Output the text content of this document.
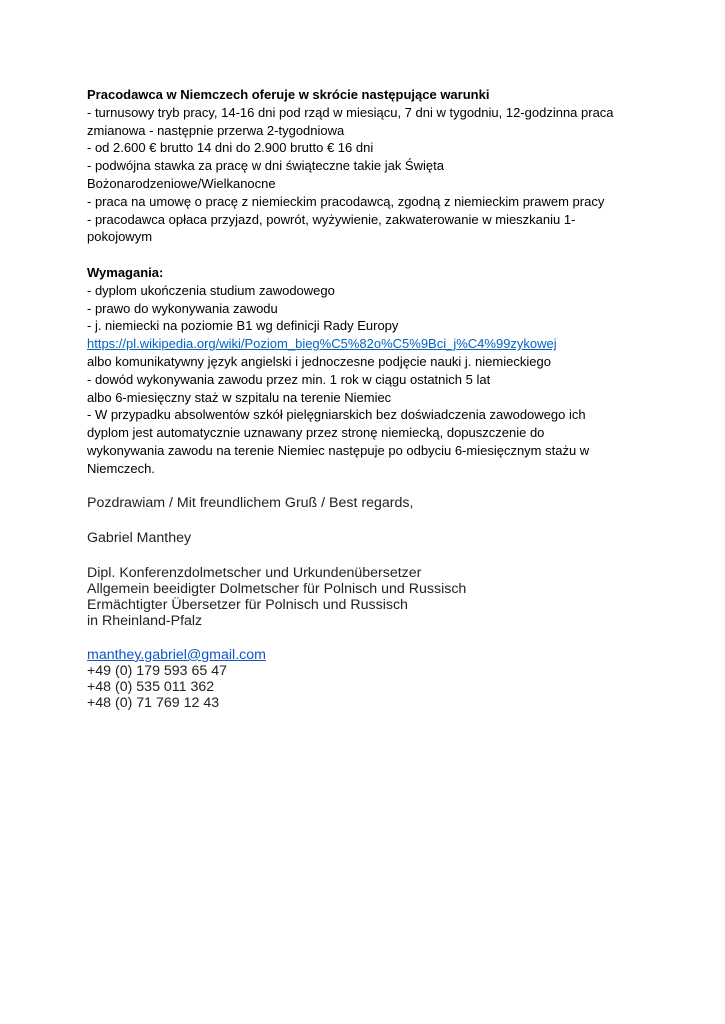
Pracodawca w Niemczech oferuje w skrócie następujące warunki
- turnusowy tryb pracy, 14-16 dni pod rząd w miesiącu, 7 dni w tygodniu, 12-godzinna praca
zmianowa - następnie przerwa 2-tygodniowa
- od 2.600 € brutto 14 dni do 2.900 brutto € 16 dni
- podwójna stawka za pracę w dni świąteczne takie jak Święta
Bożonarodzeniowe/Wielkanocne
- praca na umowę o pracę z niemieckim pracodawcą, zgodną z niemieckim prawem pracy
- pracodawca opłaca przyjazd, powrót, wyżywienie, zakwaterowanie w mieszkaniu 1-
pokojowym
Wymagania:
- dyplom ukończenia studium zawodowego
- prawo do wykonywania zawodu
- j. niemiecki na poziomie B1 wg definicji Rady Europy
https://pl.wikipedia.org/wiki/Poziom_bieg%C5%82o%C5%9Bci_j%C4%99zykowej
albo komunikatywny język angielski i jednoczesne podjęcie nauki j. niemieckiego
- dowód wykonywania zawodu przez min. 1 rok w ciągu ostatnich 5 lat
albo 6-miesięczny staż w szpitalu na terenie Niemiec
- W przypadku absolwentów szkół pielęgniarskich bez doświadczenia zawodowego ich
dyplom jest automatycznie uznawany przez stronę niemiecką, dopuszczenie do
wykonywania zawodu na terenie Niemiec następuje po odbyciu 6-miesięcznym stażu w
Niemczech.
Pozdrawiam / Mit freundlichem Gruß / Best regards,
Gabriel Manthey
Dipl. Konferenzdolmetscher und Urkundenübersetzer
Allgemein beeidigter Dolmetscher für Polnisch und Russisch
Ermächtigter Übersetzer für Polnisch und Russisch
in Rheinland-Pfalz
manthey.gabriel@gmail.com
+49 (0) 179 593 65 47
+48 (0) 535 011 362
+48 (0) 71 769 12 43
